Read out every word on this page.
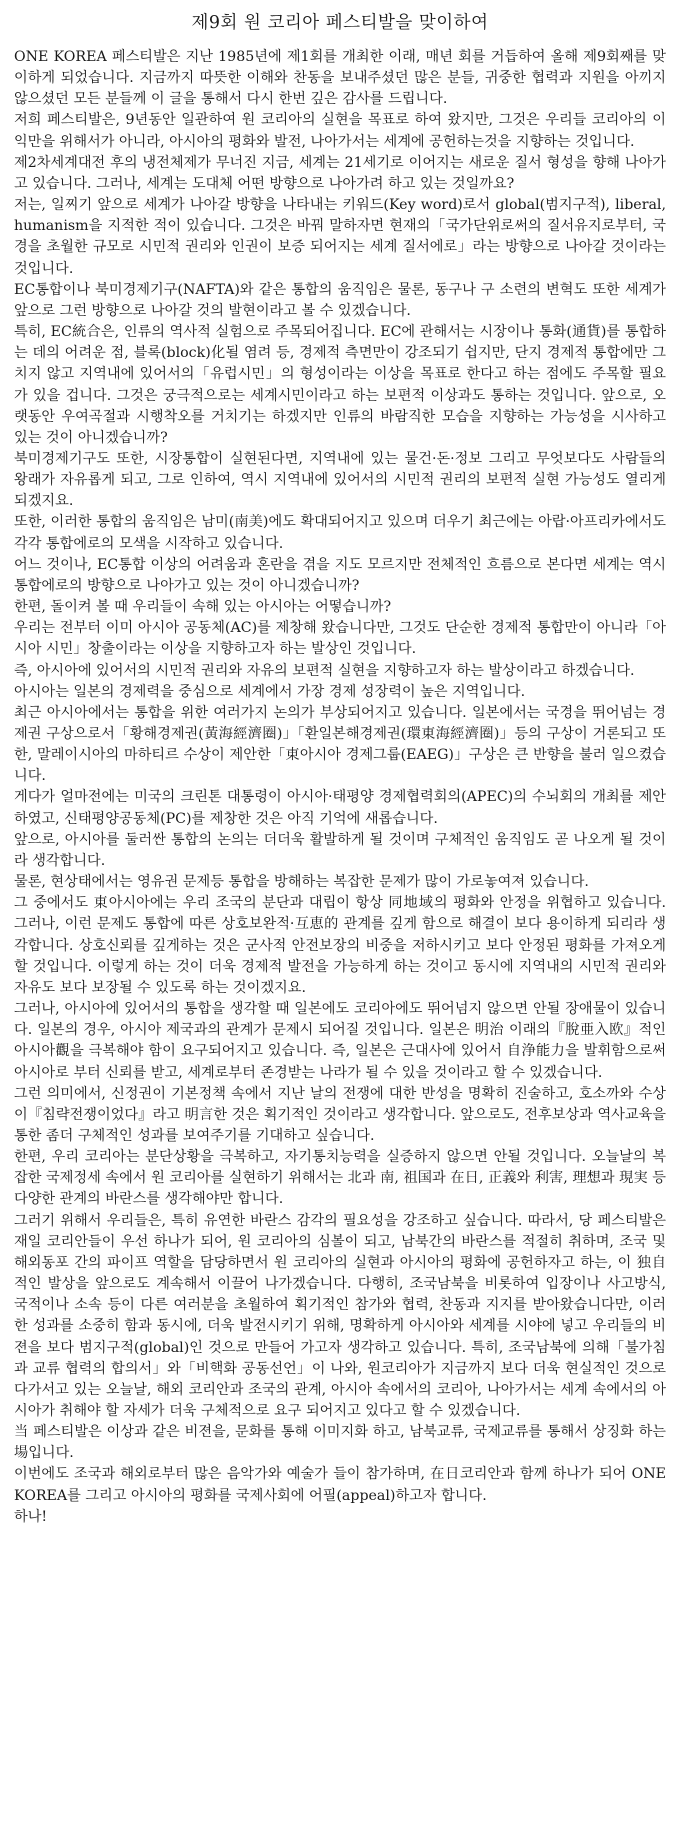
제9회 원 코리아 페스티발을 맞이하여

ONE KOREA 페스티발은 지난 1985년에 제1회를 개최한 이래, 매년 회를 거듭하여 올해 제9회째를 맞이하게 되었습니다. 지금까지 따뜻한 이해와 찬동을 보내주셨던 많은 분들, 귀중한 협력과 지원을 아끼지 않으셨던 모든 분들께 이 글을 통해서 다시 한번 깊은 감사를 드립니다.

저희 페스티발은, 9년동안 일관하여 원 코리아의 실현을 목표로 하여 왔지만, 그것은 우리들 코리아의 이익만을 위해서가 아니라, 아시아의 평화와 발전, 나아가서는 세계에 공헌하는것을 지향하는 것입니다.

제2차세계대전 후의 냉전체제가 무너진 지금, 세계는 21세기로 이어지는 새로운 질서 형성을 향해 나아가고 있습니다. 그러나, 세계는 도대체 어떤 방향으로 나아가려 하고 있는 것일까요?

저는, 일찌기 앞으로 세계가 나아갈 방향을 나타내는 키워드(Key word)로서 global(범지구적), liberal, humanism을 지적한 적이 있습니다. 그것은 바꿔 말하자면 현재의「국가단위로써의 질서유지로부터, 국경을 초월한 규모로 시민적 권리와 인권이 보증 되어지는 세계 질서에로」라는 방향으로 나아갈 것이라는 것입니다.

EC통합이나 북미경제기구(NAFTA)와 같은 통합의 움직임은 물론, 동구나 구 소련의 변혁도 또한 세계가 앞으로 그런 방향으로 나아갈 것의 발현이라고 볼 수 있겠습니다.

특히, EC統合은, 인류의 역사적 실험으로 주목되어집니다. EC에 관해서는 시장이나 통화(通貨)를 통합하는 데의 어려운 점, 블록(block)化될 염려 등, 경제적 측면만이 강조되기 쉽지만, 단지 경제적 통합에만 그치지 않고 지역내에 있어서의「유럽시민」의 형성이라는 이상을 목표로 한다고 하는 점에도 주목할 필요가 있을 겁니다. 그것은 궁극적으로는 세계시민이라고 하는 보편적 이상과도 통하는 것입니다. 앞으로, 오랫동안 우여곡절과 시행착오를 거치기는 하겠지만 인류의 바람직한 모습을 지향하는 가능성을 시사하고 있는 것이 아니겠습니까?

북미경제기구도 또한, 시장통합이 실현된다면, 지역내에 있는 물건·돈·정보 그리고 무엇보다도 사람들의 왕래가 자유롭게 되고, 그로 인하여, 역시 지역내에 있어서의 시민적 권리의 보편적 실현 가능성도 열리게 되겠지요.

또한, 이러한 통합의 움직임은 남미(南美)에도 확대되어지고 있으며 더우기 최근에는 아랍·아프리카에서도 각각 통합에로의 모색을 시작하고 있습니다.

어느 것이나, EC통합 이상의 어려움과 혼란을 겪을 지도 모르지만 전체적인 흐름으로 본다면 세계는 역시 통합에로의 방향으로 나아가고 있는 것이 아니겠습니까?

한편, 돌이켜 볼 때 우리들이 속해 있는 아시아는 어떻습니까?

우리는 전부터 이미 아시아 공동체(AC)를 제창해 왔습니다만, 그것도 단순한 경제적 통합만이 아니라「아시아 시민」창출이라는 이상을 지향하고자 하는 발상인 것입니다.

즉, 아시아에 있어서의 시민적 권리와 자유의 보편적 실현을 지향하고자 하는 발상이라고 하겠습니다.

아시아는 일본의 경제력을 중심으로 세계에서 가장 경제 성장력이 높은 지역입니다.

최근 아시아에서는 통합을 위한 여러가지 논의가 부상되어지고 있습니다. 일본에서는 국경을 뛰어넘는 경제권 구상으로서「황해경제권(黃海經濟圈)」「환일본해경제권(環東海經濟圈)」등의 구상이 거론되고 또한, 말레이시아의 마하티르 수상이 제안한「東아시아 경제그룹(EAEG)」구상은 큰 반향을 불러 일으켰습니다.

게다가 얼마전에는 미국의 크린톤 대통령이 아시아·태평양 경제협력회의(APEC)의 수뇌회의 개최를 제안하였고, 신태평양공동체(PC)를 제창한 것은 아직 기억에 새롭습니다.

앞으로, 아시아를 둘러싼 통합의 논의는 더더욱 활발하게 될 것이며 구체적인 움직임도 곧 나오게 될 것이라 생각합니다.

물론, 현상태에서는 영유권 문제등 통합을 방해하는 복잡한 문제가 많이 가로놓여져 있습니다.

그 중에서도 東아시아에는 우리 조국의 분단과 대립이 항상 同地域의 평화와 안정을 위협하고 있습니다. 그러나, 이런 문제도 통합에 따른 상호보완적·互恵的 관계를 깊게 함으로 해결이 보다 용이하게 되리라 생각합니다. 상호신뢰를 깊게하는 것은 군사적 안전보장의 비중을 저하시키고 보다 안정된 평화를 가져오게 할 것입니다. 이렇게 하는 것이 더욱 경제적 발전을 가능하게 하는 것이고 동시에 지역내의 시민적 권리와 자유도 보다 보장될 수 있도록 하는 것이겠지요.

그러나, 아시아에 있어서의 통합을 생각할 때 일본에도 코리아에도 뛰어넘지 않으면 안될 장애물이 있습니다. 일본의 경우, 아시아 제국과의 관계가 문제시 되어질 것입니다. 일본은 明治 이래의『脫亜入欧』적인 아시아觀을 극복해야 함이 요구되어지고 있습니다. 즉, 일본은 근대사에 있어서 自浄能力을 발휘함으로써 아시아로 부터 신뢰를 받고, 세계로부터 존경받는 나라가 될 수 있을 것이라고 할 수 있겠습니다.

그런 의미에서, 신정권이 기본정책 속에서 지난 날의 전쟁에 대한 반성을 명확히 진술하고, 호소까와 수상이『침략전쟁이었다』라고 明言한 것은 획기적인 것이라고 생각합니다. 앞으로도, 전후보상과 역사교육을 통한 좀더 구체적인 성과를 보여주기를 기대하고 싶습니다.

한편, 우리 코리아는 분단상황을 극복하고, 자기통치능력을 실증하지 않으면 안될 것입니다. 오늘날의 복잡한 국제정세 속에서 원 코리아를 실현하기 위해서는 北과 南, 祖国과 在日, 正義와 利害, 理想과 現実 등 다양한 관계의 바란스를 생각해야만 합니다.

그러기 위해서 우리들은, 특히 유연한 바란스 감각의 필요성을 강조하고 싶습니다. 따라서, 당 페스티발은 재일 코리안들이 우선 하나가 되어, 원 코리아의 심볼이 되고, 남북간의 바란스를 적절히 취하며, 조국 및 해외동포 간의 파이프 역할을 담당하면서 원 코리아의 실현과 아시아의 평화에 공헌하자고 하는, 이 独自적인 발상을 앞으로도 계속해서 이끌어 나가겠습니다. 다행히, 조국남북을 비롯하여 입장이나 사고방식, 국적이나 소속 등이 다른 여러분을 초월하여 획기적인 참가와 협력, 찬동과 지지를 받아왔습니다만, 이러한 성과를 소중히 함과 동시에, 더욱 발전시키기 위해, 명확하게 아시아와 세계를 시야에 넣고 우리들의 비젼을 보다 범지구적(global)인 것으로 만들어 가고자 생각하고 있습니다. 특히, 조국남북에 의해「불가침과 교류 협력의 합의서」와「비핵화 공동선언」이 나와, 원코리아가 지금까지 보다 더욱 현실적인 것으로 다가서고 있는 오늘날, 해외 코리안과 조국의 관계, 아시아 속에서의 코리아, 나아가서는 세계 속에서의 아시아가 취해야 할 자세가 더욱 구체적으로 요구 되어지고 있다고 할 수 있겠습니다.

当 페스티발은 이상과 같은 비젼을, 문화를 통해 이미지화 하고, 남북교류, 국제교류를 통해서 상징화 하는 場입니다.

이번에도 조국과 해외로부터 많은 음악가와 예술가 들이 참가하며, 在日코리안과 함께 하나가 되어 ONE KOREA를 그리고 아시아의 평화를 국제사회에 어필(appeal)하고자 합니다.

하나!
